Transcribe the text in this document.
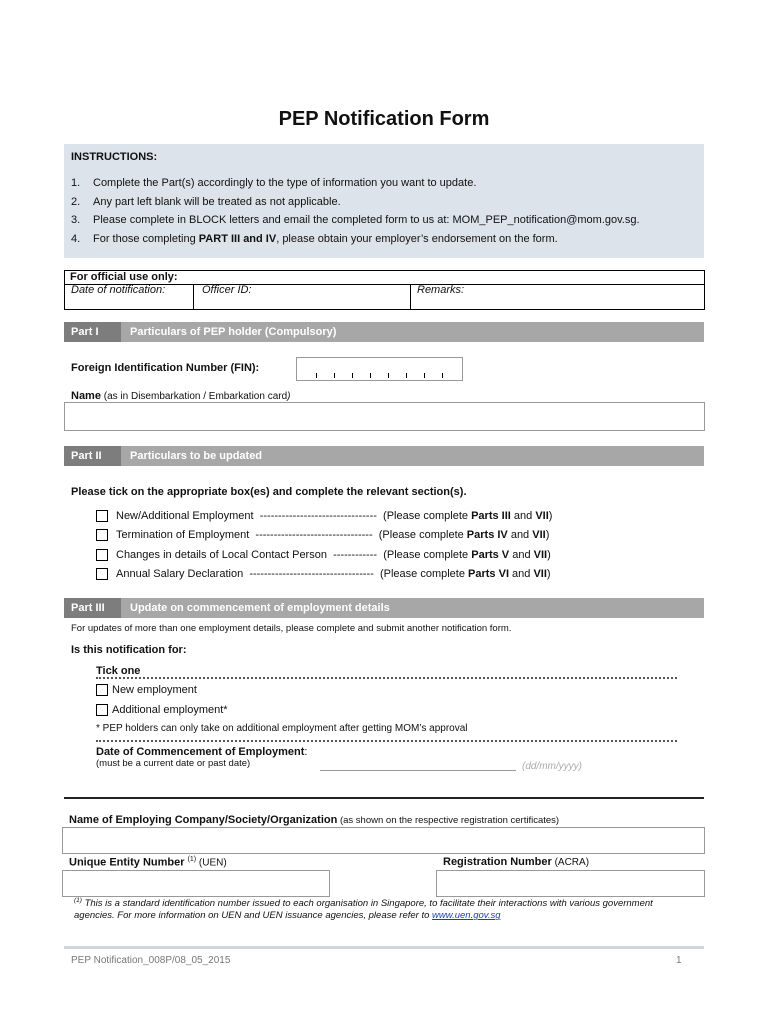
PEP Notification Form
INSTRUCTIONS:
1. Complete the Part(s) accordingly to the type of information you want to update.
2. Any part left blank will be treated as not applicable.
3. Please complete in BLOCK letters and email the completed form to us at: MOM_PEP_notification@mom.gov.sg.
4. For those completing PART III and IV, please obtain your employer’s endorsement on the form.
For official use only:
Date of notification:	Officer ID:	Remarks:
Part I	Particulars of PEP holder (Compulsory)
Foreign Identification Number (FIN):
Name (as in Disembarkation / Embarkation card)
Part II	Particulars to be updated
Please tick on the appropriate box(es) and complete the relevant section(s).
New/Additional Employment -------------------------------- (Please complete Parts III and VII)
Termination of Employment -------------------------------- (Please complete Parts IV and VII)
Changes in details of Local Contact Person ------------ (Please complete Parts V and VII)
Annual Salary Declaration ---------------------------------- (Please complete Parts VI and VII)
Part III	Update on commencement of employment details
For updates of more than one employment details, please complete and submit another notification form.
Is this notification for:
Tick one
New employment
Additional employment*
* PEP holders can only take on additional employment after getting MOM’s approval
Date of Commencement of Employment:
(must be a current date or past date)	(dd/mm/yyyy)
Name of Employing Company/Society/Organization (as shown on the respective registration certificates)
Unique Entity Number $^{(1)}$ (UEN)	Registration Number (ACRA)
$^{(1)}$ This is a standard identification number issued to each organisation in Singapore, to facilitate their interactions with various government agencies. For more information on UEN and UEN issuance agencies, please refer to www.uen.gov.sg
PEP Notification_008P/08_05_2015	1
